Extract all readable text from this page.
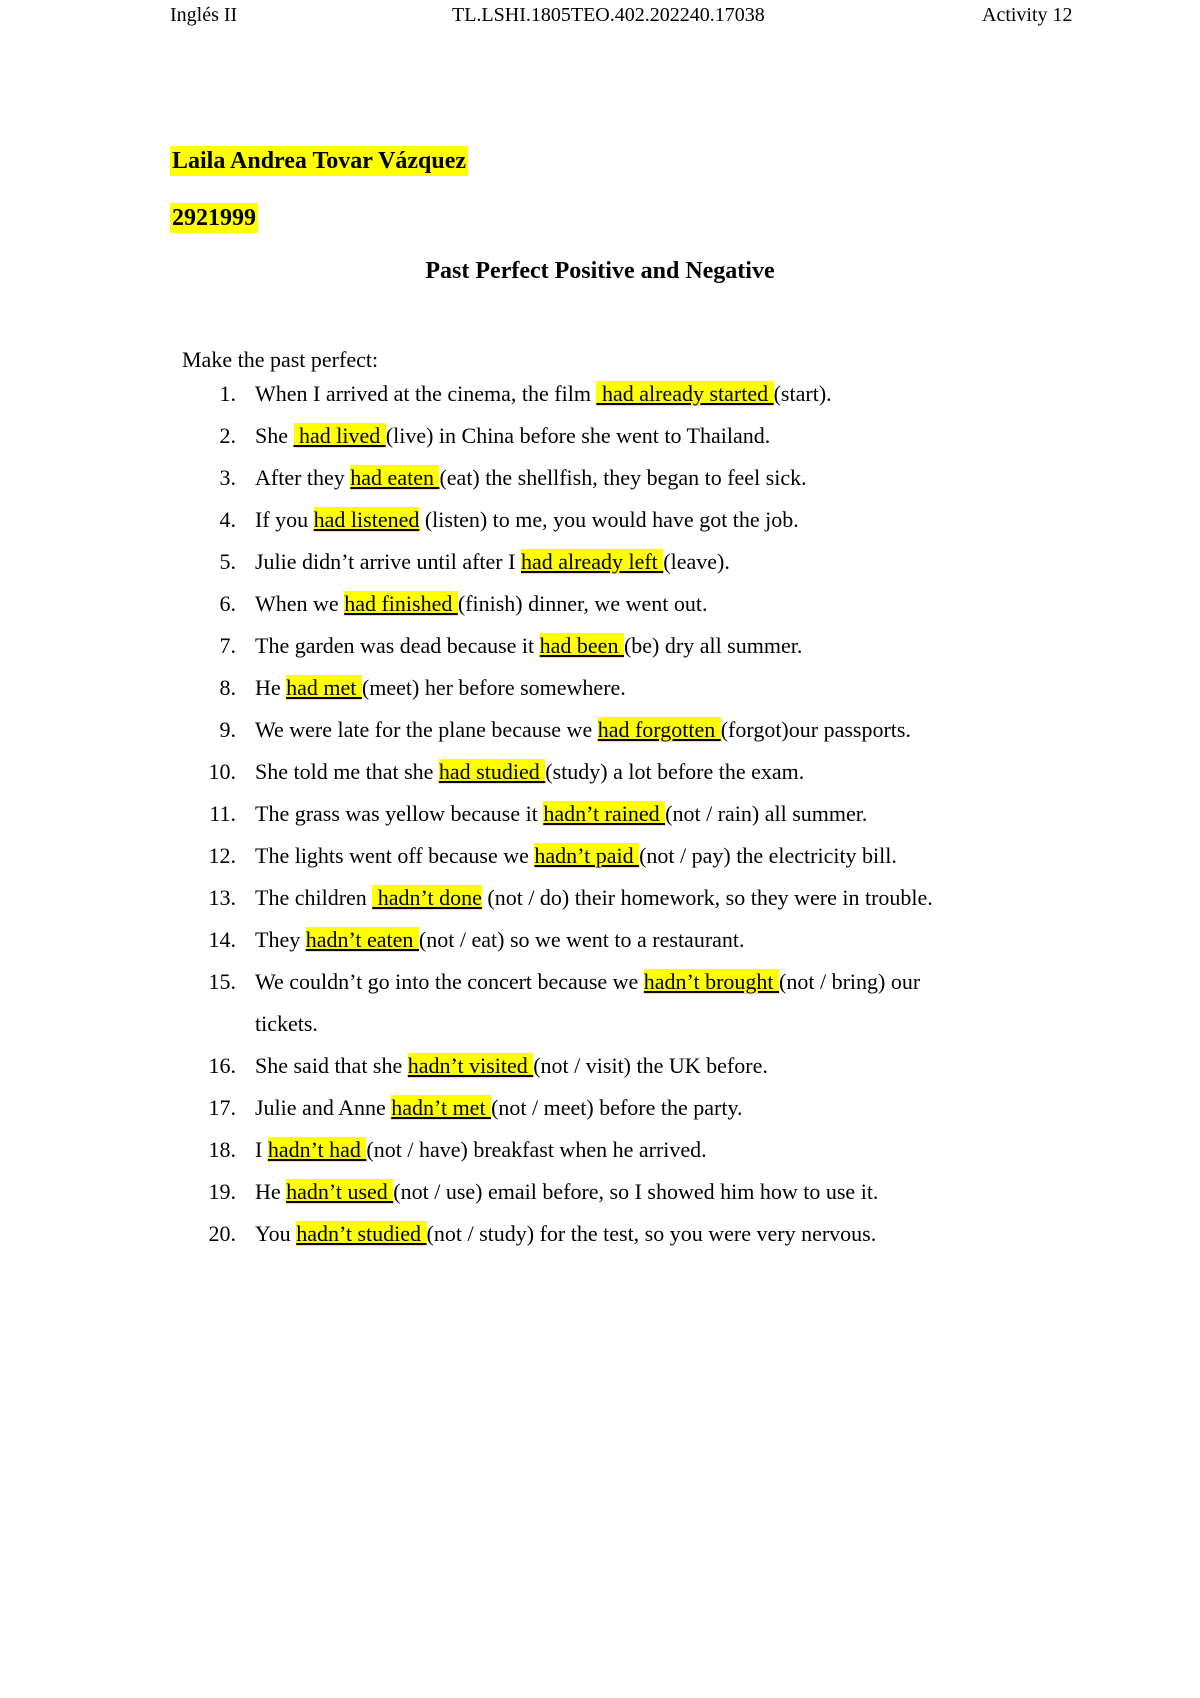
Inglés II	TL.LSHI.1805TEO.402.202240.17038	Activity 12
Laila Andrea Tovar Vázquez
2921999
Past Perfect Positive and Negative
Make the past perfect:
1. When I arrived at the cinema, the film  had already started (start).
2. She  had lived (live) in China before she went to Thailand.
3. After they had eaten (eat) the shellfish, they began to feel sick.
4. If you had listened (listen) to me, you would have got the job.
5. Julie didn’t arrive until after I had already left (leave).
6. When we had finished (finish) dinner, we went out.
7. The garden was dead because it had been (be) dry all summer.
8. He had met (meet) her before somewhere.
9. We were late for the plane because we had forgotten (forgot)our passports.
10. She told me that she had studied (study) a lot before the exam.
11. The grass was yellow because it hadn’t rained (not / rain) all summer.
12. The lights went off because we hadn’t paid (not / pay) the electricity bill.
13. The children  hadn’t done (not / do) their homework, so they were in trouble.
14. They hadn’t eaten (not / eat) so we went to a restaurant.
15. We couldn’t go into the concert because we hadn’t brought (not / bring) our tickets.
16. She said that she hadn’t visited (not / visit) the UK before.
17. Julie and Anne hadn’t met (not / meet) before the party.
18. I hadn’t had (not / have) breakfast when he arrived.
19. He hadn’t used (not / use) email before, so I showed him how to use it.
20. You hadn’t studied (not / study) for the test, so you were very nervous.
